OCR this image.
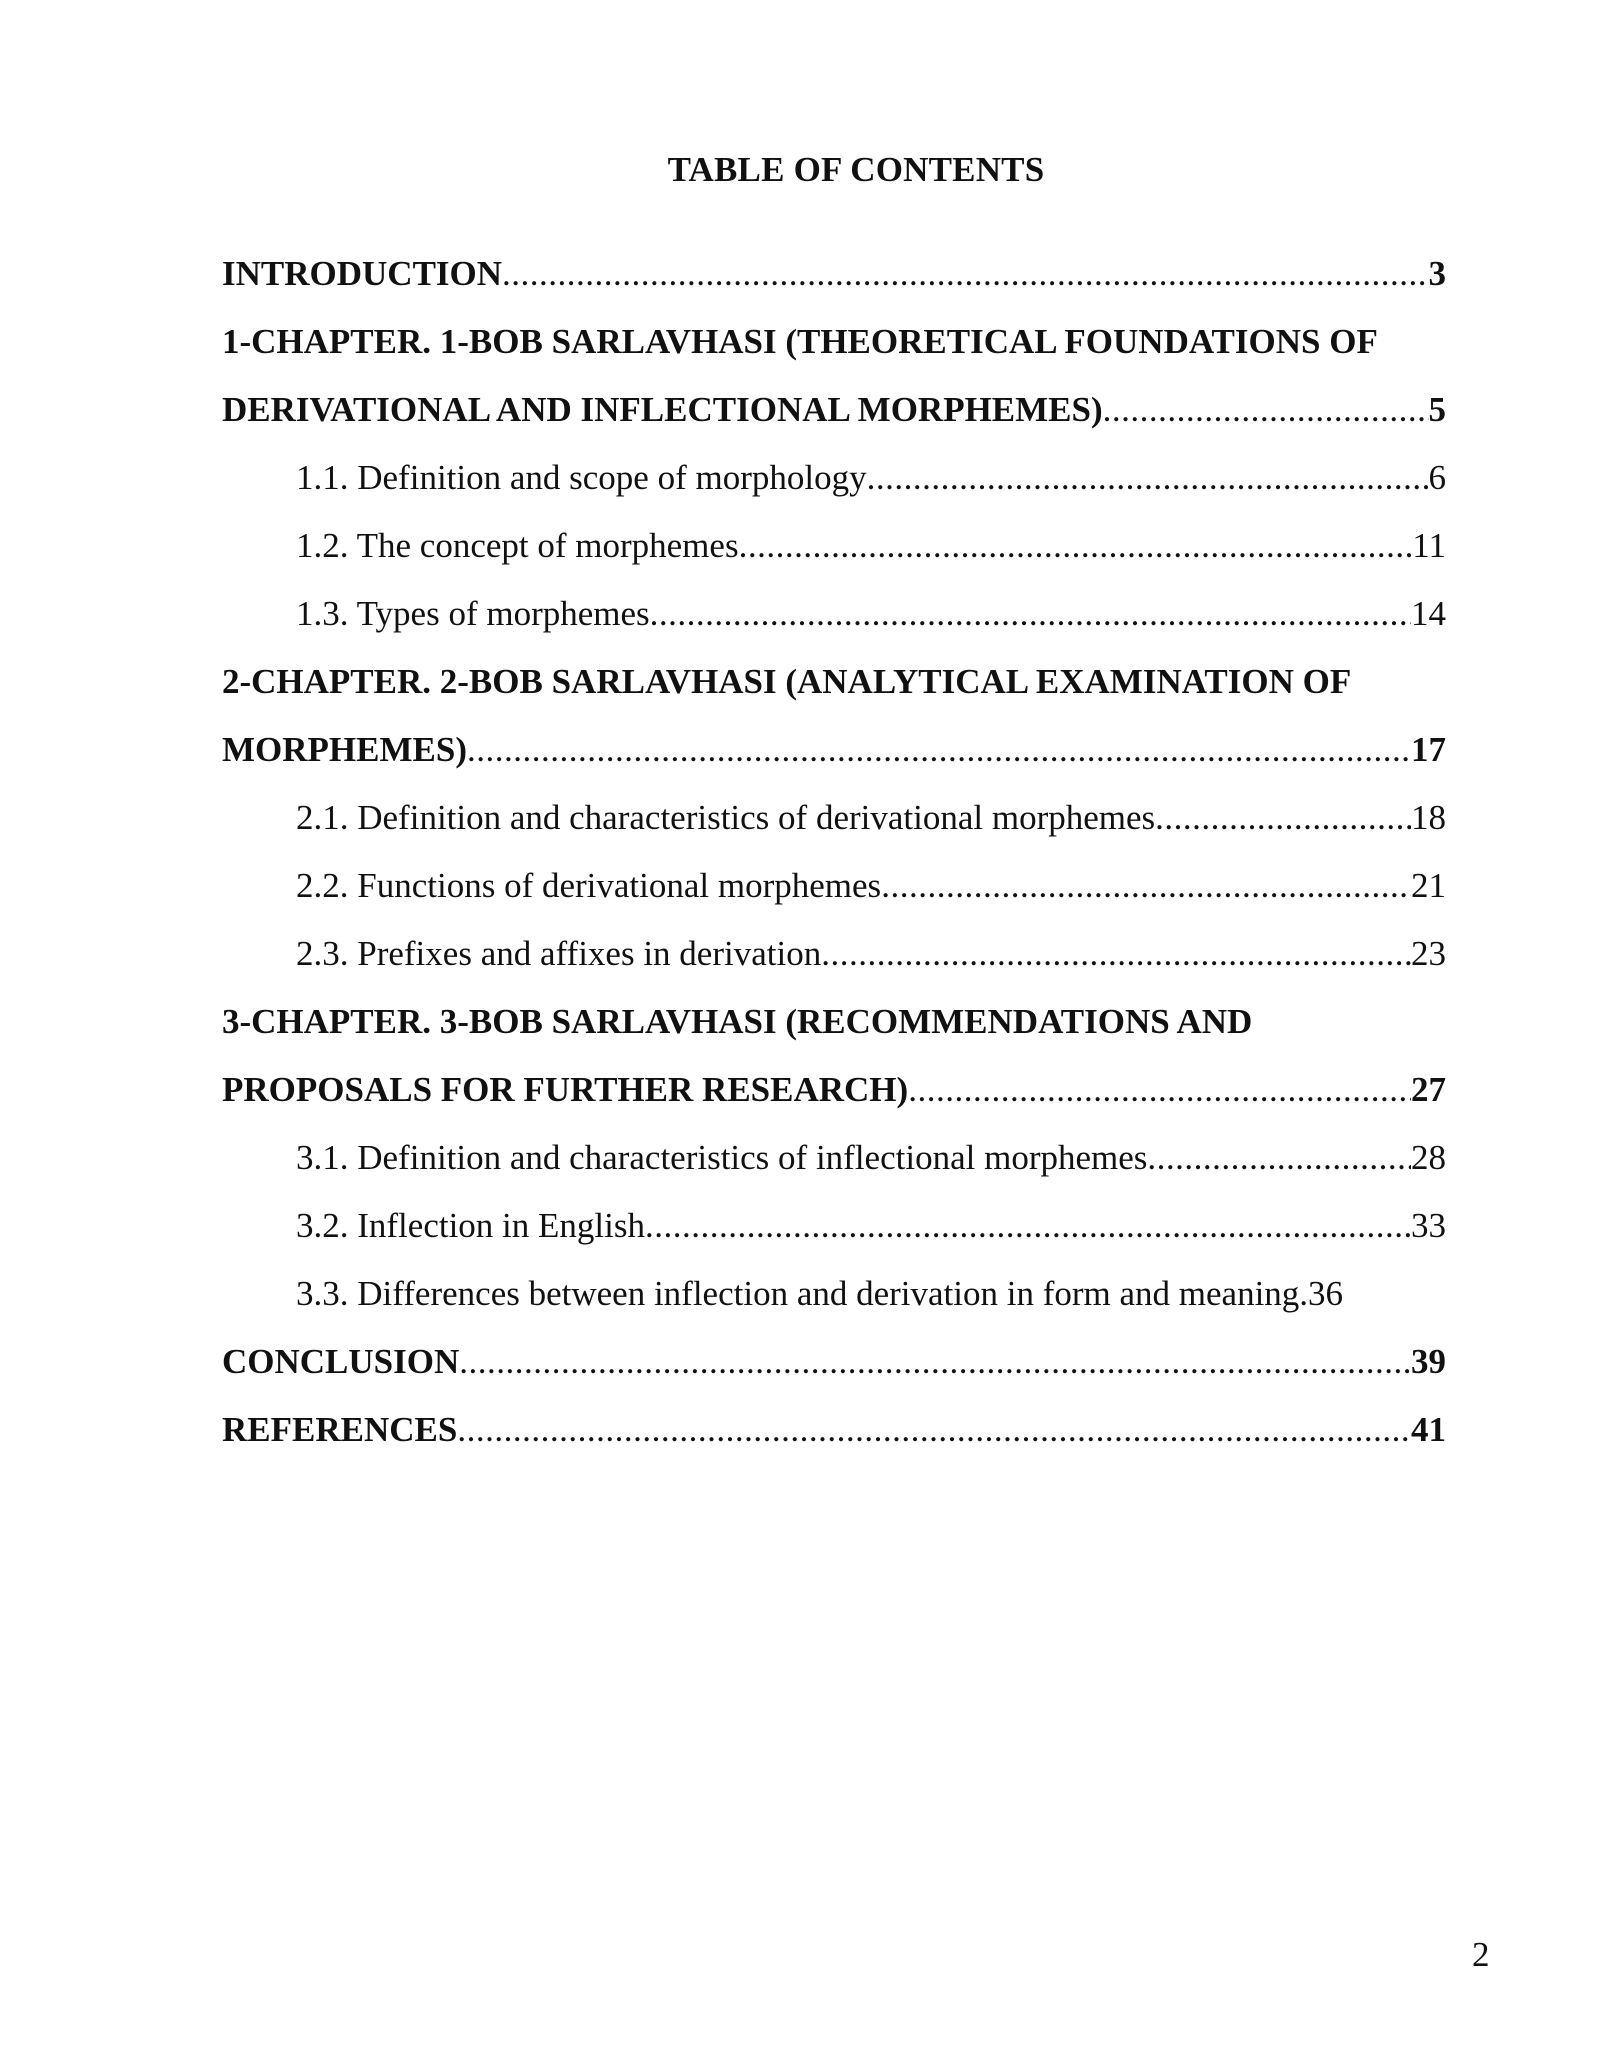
TABLE OF CONTENTS
INTRODUCTION .....	3
1-CHAPTER. 1-BOB SARLAVHASI (THEORETICAL FOUNDATIONS OF
DERIVATIONAL AND INFLECTIONAL MORPHEMES) .....	5
1.1. Definition and scope of morphology .....	6
1.2. The concept of morphemes .....	11
1.3. Types of morphemes .....	14
2-CHAPTER. 2-BOB SARLAVHASI (ANALYTICAL EXAMINATION OF
MORPHEMES) .....	17
2.1. Definition and characteristics of derivational morphemes .....	18
2.2. Functions of derivational morphemes .....	21
2.3. Prefixes and affixes in derivation .....	23
3-CHAPTER. 3-BOB SARLAVHASI (RECOMMENDATIONS AND
PROPOSALS FOR FURTHER RESEARCH) .....	27
3.1. Definition and characteristics of inflectional morphemes .....	28
3.2. Inflection in English .....	33
3.3. Differences between inflection and derivation in form and meaning.36
CONCLUSION .....	39
REFERENCES .....	41
2
